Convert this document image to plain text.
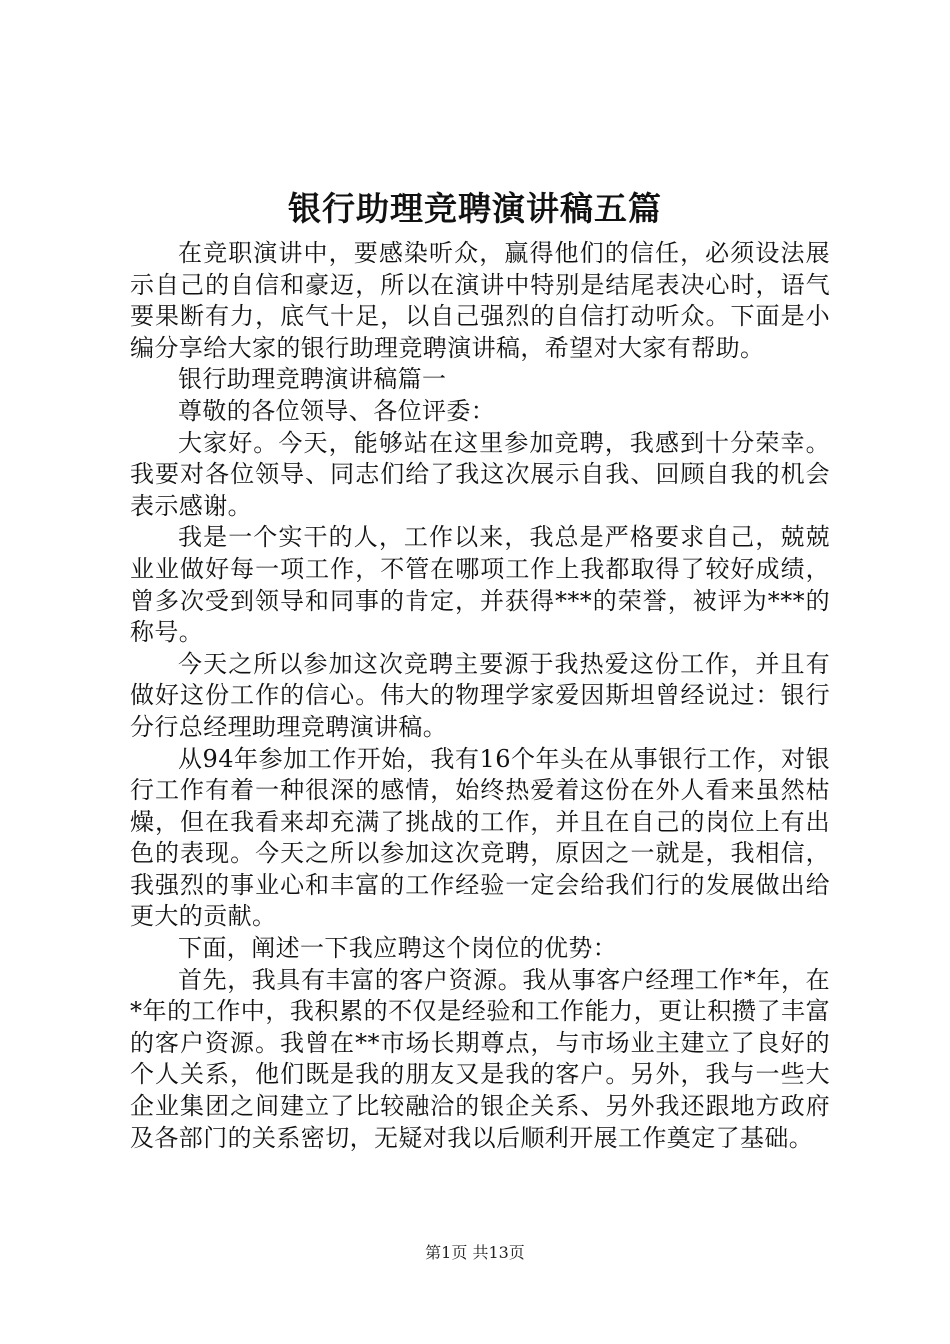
银行助理竞聘演讲稿五篇

在竞职演讲中，要感染听众，赢得他们的信任，必须设法展示自己的自信和豪迈，所以在演讲中特别是结尾表决心时，语气要果断有力，底气十足，以自己强烈的自信打动听众。下面是小编分享给大家的银行助理竞聘演讲稿，希望对大家有帮助。

银行助理竞聘演讲稿篇一

尊敬的各位领导、各位评委：

大家好。今天，能够站在这里参加竞聘，我感到十分荣幸。我要对各位领导、同志们给了我这次展示自我、回顾自我的机会表示感谢。

我是一个实干的人，工作以来，我总是严格要求自己，兢兢业业做好每一项工作，不管在哪项工作上我都取得了较好成绩，曾多次受到领导和同事的肯定，并获得***的荣誉，被评为***的称号。

今天之所以参加这次竞聘主要源于我热爱这份工作，并且有做好这份工作的信心。伟大的物理学家爱因斯坦曾经说过：银行分行总经理助理竞聘演讲稿。

从94年参加工作开始，我有16个年头在从事银行工作，对银行工作有着一种很深的感情，始终热爱着这份在外人看来虽然枯燥，但在我看来却充满了挑战的工作，并且在自己的岗位上有出色的表现。今天之所以参加这次竞聘，原因之一就是，我相信，我强烈的事业心和丰富的工作经验一定会给我们行的发展做出给更大的贡献。

下面，阐述一下我应聘这个岗位的优势：

首先，我具有丰富的客户资源。我从事客户经理工作*年，在*年的工作中，我积累的不仅是经验和工作能力，更让积攒了丰富的客户资源。我曾在**市场长期尊点，与市场业主建立了良好的个人关系，他们既是我的朋友又是我的客户。另外，我与一些大企业集团之间建立了比较融洽的银企关系、另外我还跟地方政府及各部门的关系密切，无疑对我以后顺利开展工作奠定了基础。

第1页 共13页
